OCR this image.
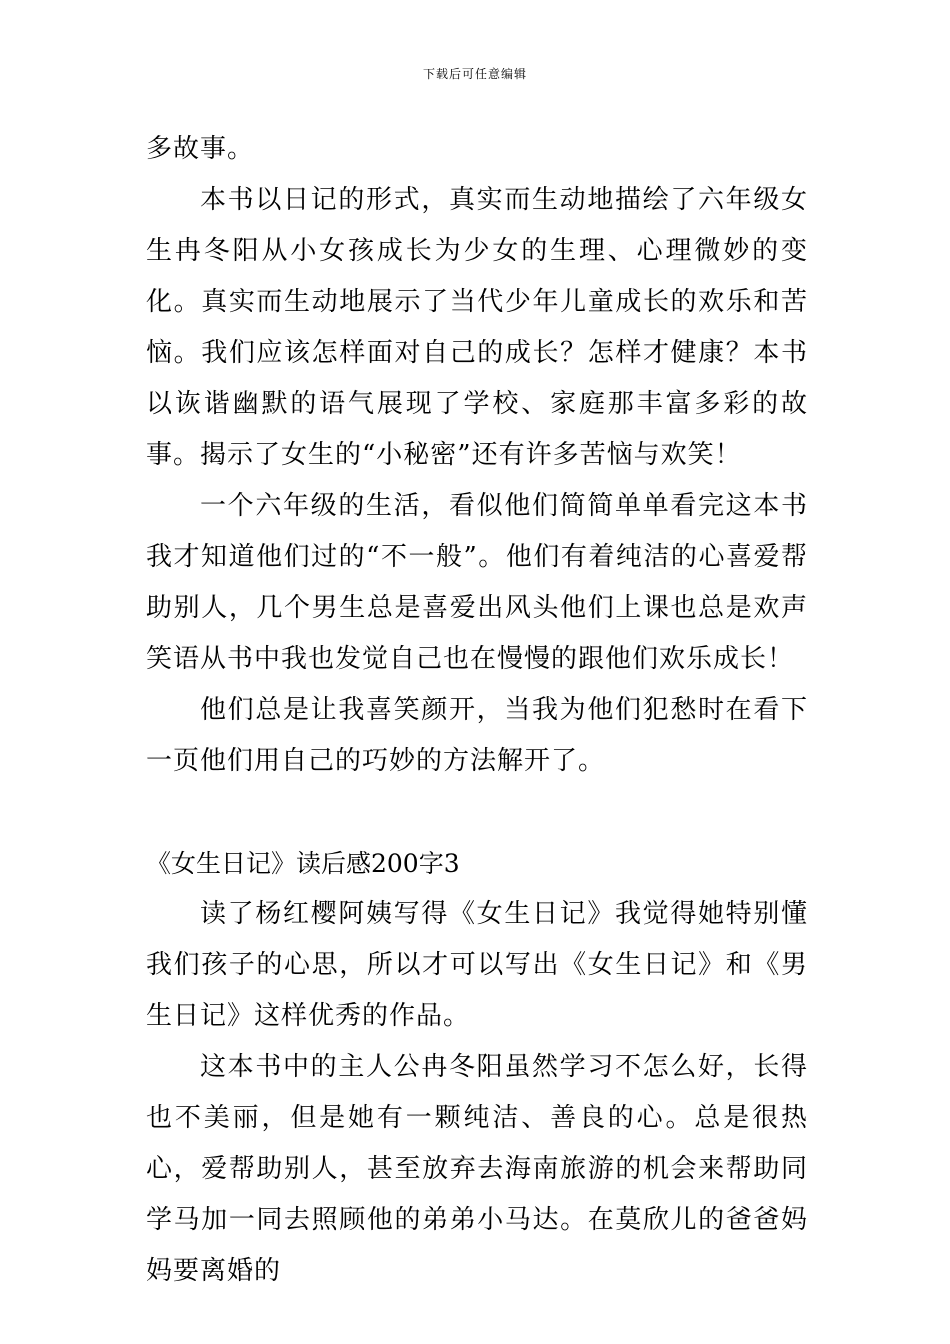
下载后可任意编辑

多故事。

本书以日记的形式，真实而生动地描绘了六年级女生冉冬阳从小女孩成长为少女的生理、心理微妙的变化。真实而生动地展示了当代少年儿童成长的欢乐和苦恼。我们应该怎样面对自己的成长？怎样才健康？本书以诙谐幽默的语气展现了学校、家庭那丰富多彩的故事。揭示了女生的“小秘密”还有许多苦恼与欢笑！

一个六年级的生活，看似他们简简单单看完这本书我才知道他们过的“不一般”。他们有着纯洁的心喜爱帮助别人，几个男生总是喜爱出风头他们上课也总是欢声笑语从书中我也发觉自己也在慢慢的跟他们欢乐成长！

他们总是让我喜笑颜开，当我为他们犯愁时在看下一页他们用自己的巧妙的方法解开了。

《女生日记》读后感200字3

读了杨红樱阿姨写得《女生日记》我觉得她特别懂我们孩子的心思，所以才可以写出《女生日记》和《男生日记》这样优秀的作品。

这本书中的主人公冉冬阳虽然学习不怎么好，长得也不美丽，但是她有一颗纯洁、善良的心。总是很热心，爱帮助别人，甚至放弃去海南旅游的机会来帮助同学马加一同去照顾他的弟弟小马达。在莫欣儿的爸爸妈妈要离婚的
